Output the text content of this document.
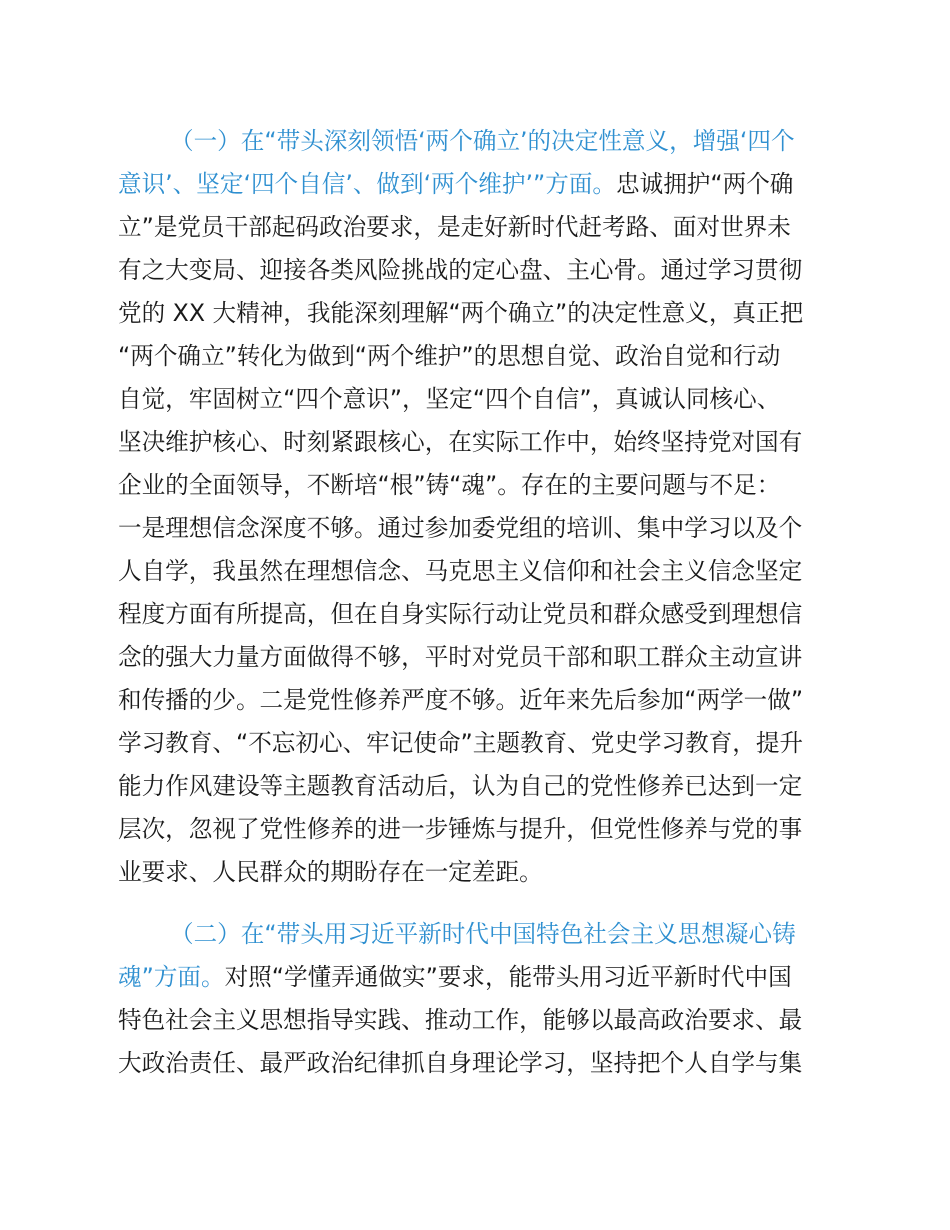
（一）在“带头深刻领悟‘两个确立’的决定性意义，增强‘四个
意识’、坚定‘四个自信’、做到‘两个维护’”方面。忠诚拥护“两个确
立”是党员干部起码政治要求，是走好新时代赶考路、面对世界未
有之大变局、迎接各类风险挑战的定心盘、主心骨。通过学习贯彻
党的 XX 大精神，我能深刻理解“两个确立”的决定性意义，真正把
“两个确立”转化为做到“两个维护”的思想自觉、政治自觉和行动
自觉，牢固树立“四个意识”，坚定“四个自信”，真诚认同核心、
坚决维护核心、时刻紧跟核心，在实际工作中，始终坚持党对国有
企业的全面领导，不断培“根”铸“魂”。存在的主要问题与不足：
一是理想信念深度不够。通过参加委党组的培训、集中学习以及个
人自学，我虽然在理想信念、马克思主义信仰和社会主义信念坚定
程度方面有所提高，但在自身实际行动让党员和群众感受到理想信
念的强大力量方面做得不够，平时对党员干部和职工群众主动宣讲
和传播的少。二是党性修养严度不够。近年来先后参加“两学一做”
学习教育、“不忘初心、牢记使命”主题教育、党史学习教育，提升
能力作风建设等主题教育活动后，认为自己的党性修养已达到一定
层次，忽视了党性修养的进一步锤炼与提升，但党性修养与党的事
业要求、人民群众的期盼存在一定差距。
（二）在“带头用习近平新时代中国特色社会主义思想凝心铸
魂”方面。对照“学懂弄通做实”要求，能带头用习近平新时代中国
特色社会主义思想指导实践、推动工作，能够以最高政治要求、最
大政治责任、最严政治纪律抓自身理论学习，坚持把个人自学与集
